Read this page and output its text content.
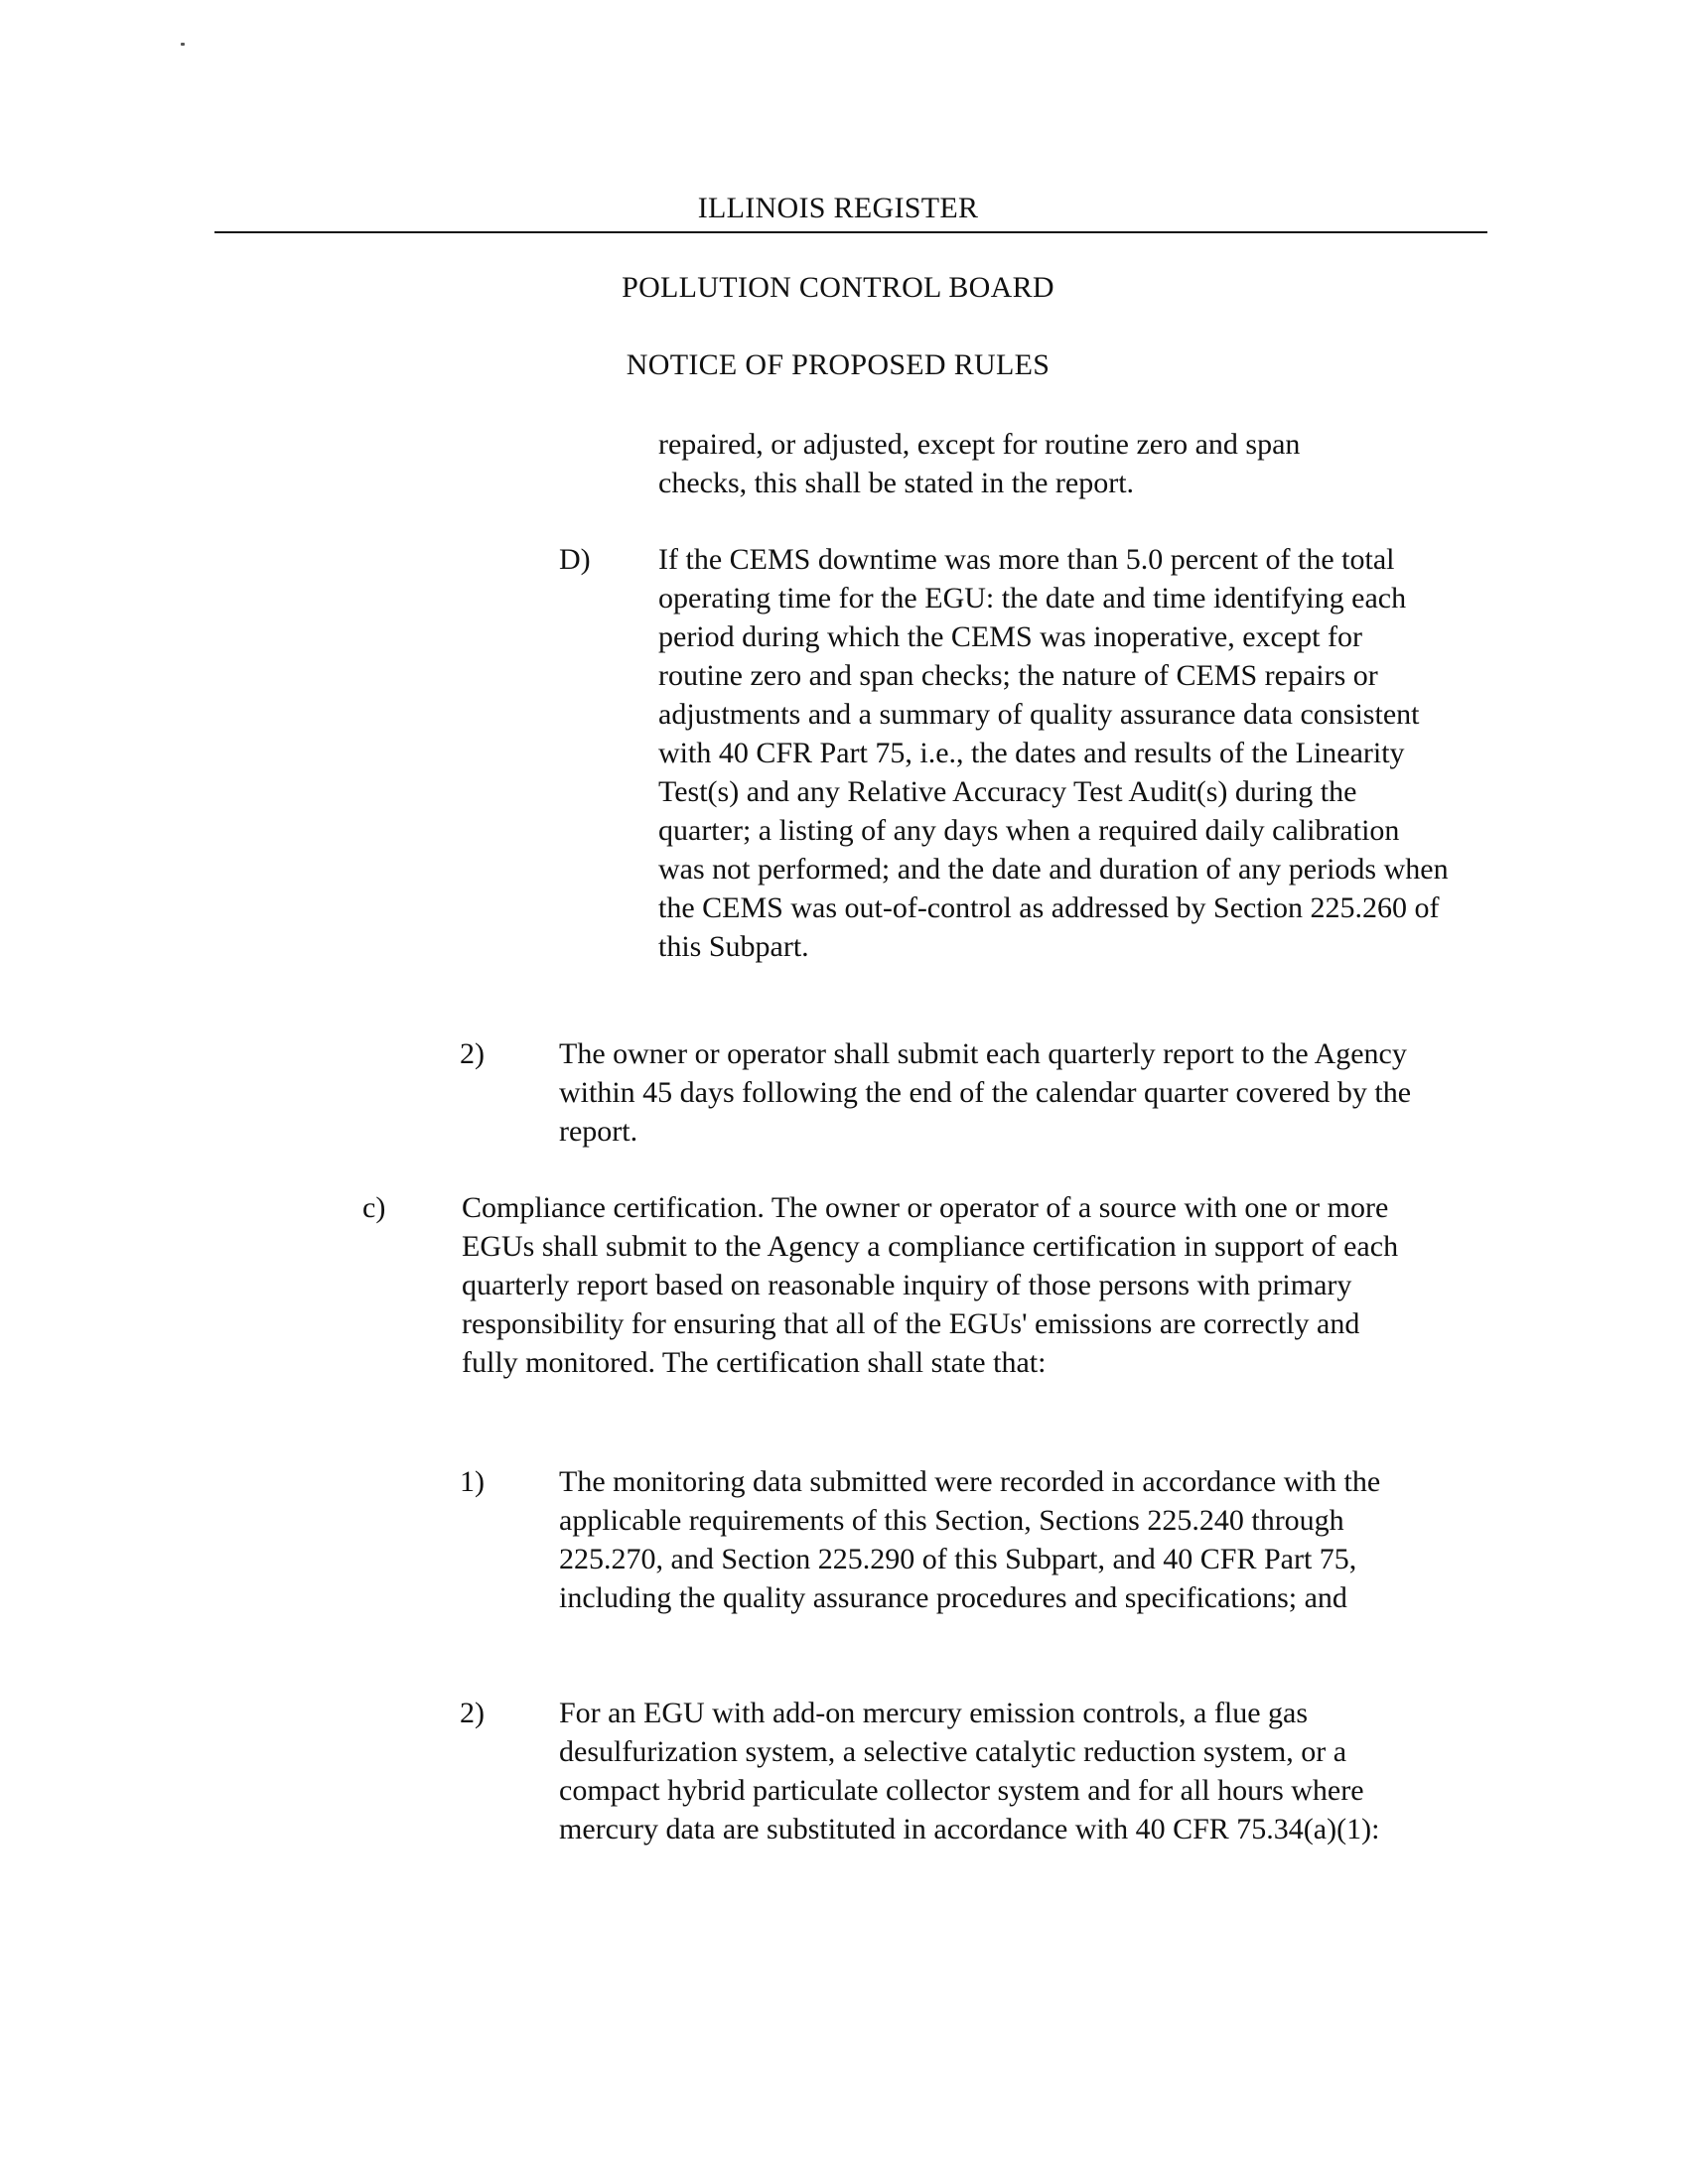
ILLINOIS REGISTER
POLLUTION CONTROL BOARD
NOTICE OF PROPOSED RULES
repaired, or adjusted, except for routine zero and span checks, this shall be stated in the report.
D) If the CEMS downtime was more than 5.0 percent of the total operating time for the EGU: the date and time identifying each period during which the CEMS was inoperative, except for routine zero and span checks; the nature of CEMS repairs or adjustments and a summary of quality assurance data consistent with 40 CFR Part 75, i.e., the dates and results of the Linearity Test(s) and any Relative Accuracy Test Audit(s) during the quarter; a listing of any days when a required daily calibration was not performed; and the date and duration of any periods when the CEMS was out-of-control as addressed by Section 225.260 of this Subpart.
2)	The owner or operator shall submit each quarterly report to the Agency within 45 days following the end of the calendar quarter covered by the report.
c)	Compliance certification. The owner or operator of a source with one or more EGUs shall submit to the Agency a compliance certification in support of each quarterly report based on reasonable inquiry of those persons with primary responsibility for ensuring that all of the EGUs' emissions are correctly and fully monitored. The certification shall state that:
1)	The monitoring data submitted were recorded in accordance with the applicable requirements of this Section, Sections 225.240 through 225.270, and Section 225.290 of this Subpart, and 40 CFR Part 75, including the quality assurance procedures and specifications; and
2)	For an EGU with add-on mercury emission controls, a flue gas desulfurization system, a selective catalytic reduction system, or a compact hybrid particulate collector system and for all hours where mercury data are substituted in accordance with 40 CFR 75.34(a)(1):
